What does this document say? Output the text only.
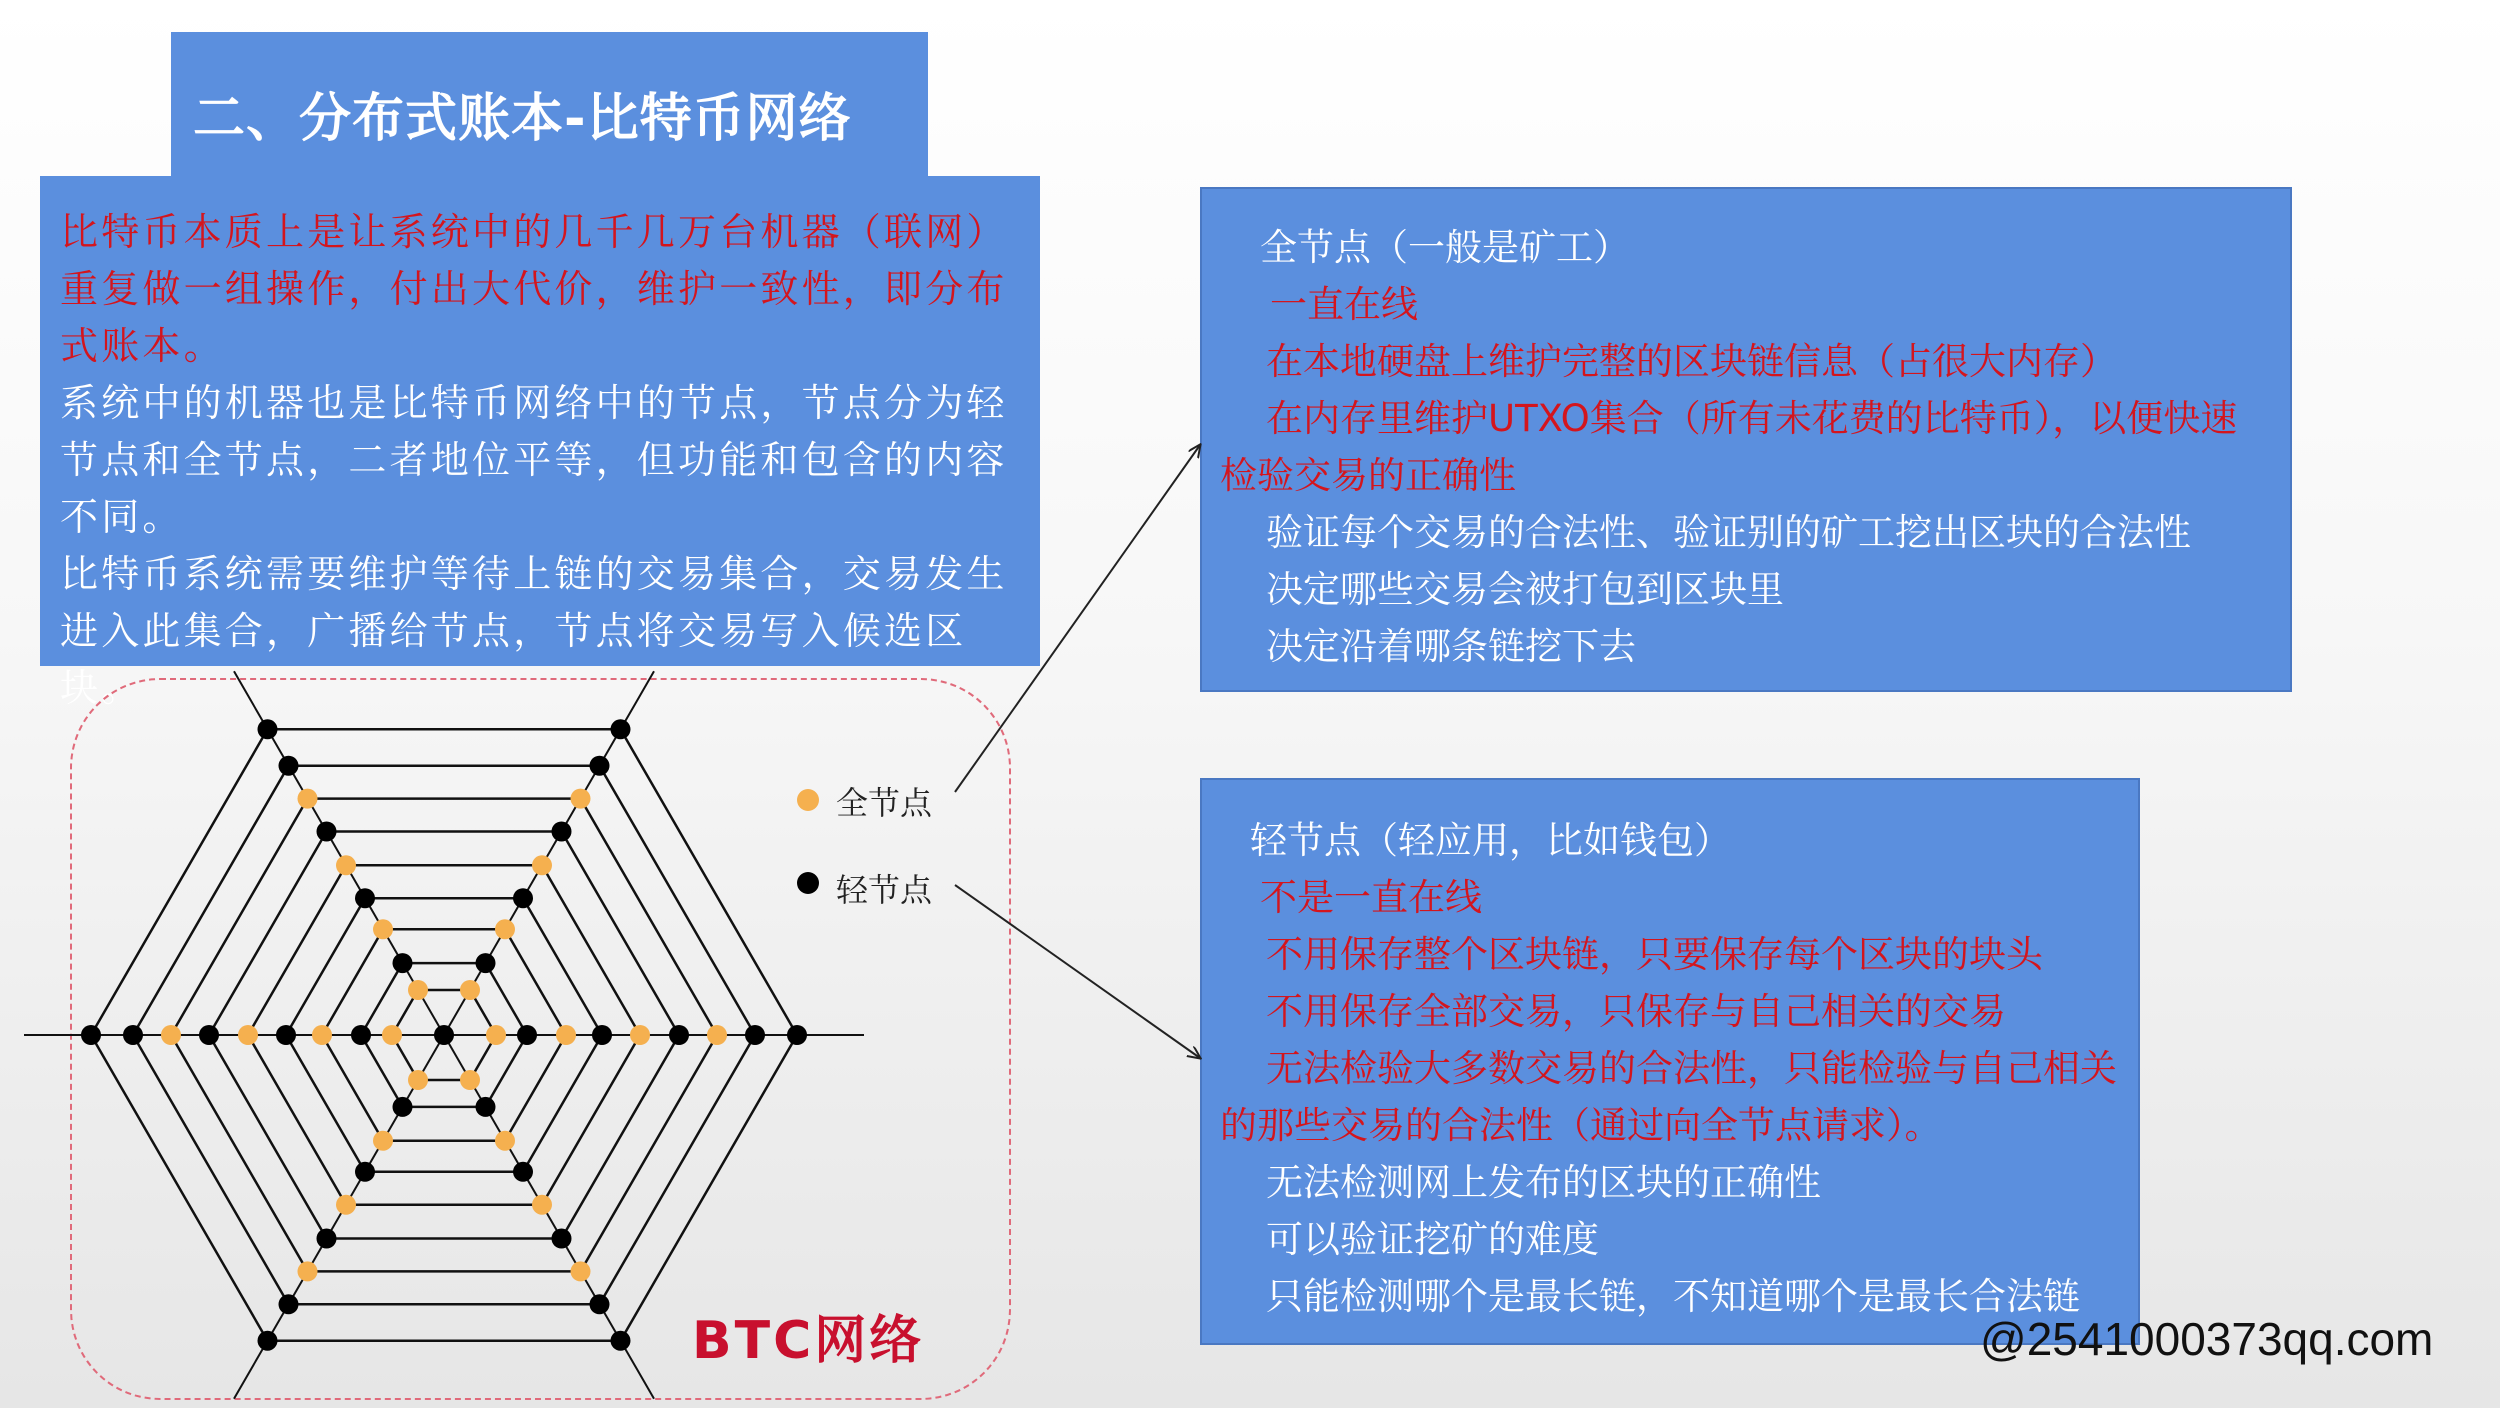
二、分布式账本-比特币网络

比特币本质上是让系统中的几千几万台机器（联网）重复做一组操作，付出大代价，维护一致性，即分布式账本。

系统中的机器也是比特币网络中的节点，节点分为轻节点和全节点，二者地位平等，但功能和包含的内容不同。

比特币系统需要维护等待上链的交易集合，交易发生进入此集合，广播给节点，节点将交易写入候选区块。

全节点（一般是矿工）
一直在线
在本地硬盘上维护完整的区块链信息（占很大内存）
在内存里维护UTXO集合（所有未花费的比特币），以便快速
检验交易的正确性
验证每个交易的合法性、验证别的矿工挖出区块的合法性
决定哪些交易会被打包到区块里
决定沿着哪条链挖下去
轻节点（轻应用，比如钱包）
不是一直在线
不用保存整个区块链，只要保存每个区块的块头
不用保存全部交易，只保存与自己相关的交易
无法检验大多数交易的合法性，只能检验与自己相关
的那些交易的合法性（通过向全节点请求）。
无法检测网上发布的区块的正确性
可以验证挖矿的难度
只能检测哪个是最长链，不知道哪个是最长合法链
全节点
轻节点
BTC网络	@2541000373qq.com
